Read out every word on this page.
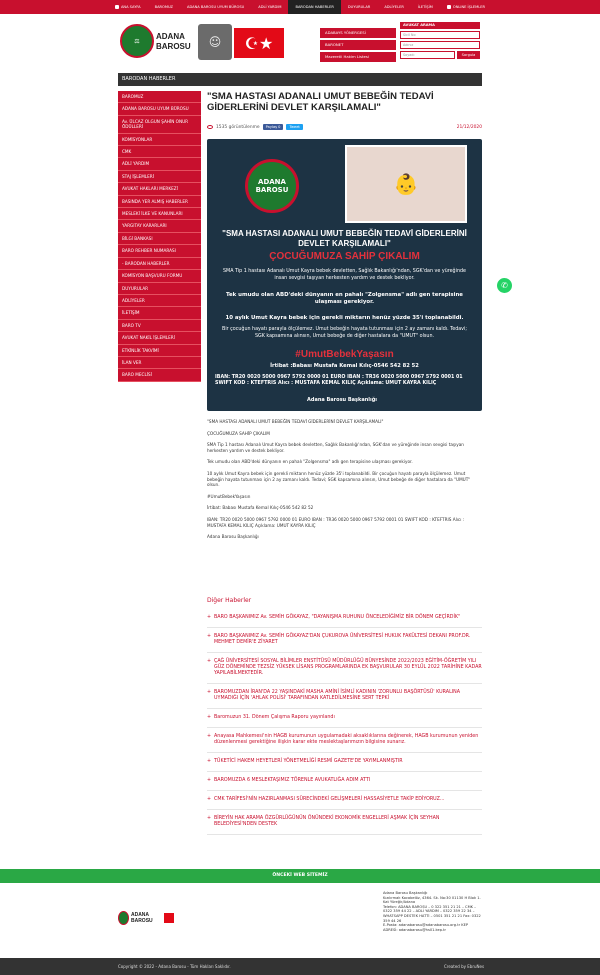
ANA SAYFA	BAROMUZ	ADANA BAROSU UYUM BÜROSU	ADLİ YARDIM	BARODAN HABERLER	DUYURULAR	ADLİYELER	İLETİŞİM	ONLINE İŞLEMLER
⚖	ADANA
BAROSU	☺	☪★
ADABAYS YÖNERGESİ
BARONET
Mazeretli Hakim Listesi
AVUKAT ARAMA
Sicil No
Adınız
Soyadı	Sorgula
BARODAN HABERLER
BAROMUZ
ADANA BAROSU UYUM BÜROSU
Av. ÜLCAZ OLGUN ŞAHİN ONUR ÖDÜLLERİ
KOMİSYONLAR
CMK
ADLİ YARDIM
STAJ İŞLEMLERİ
AVUKAT HAKLARI MERKEZİ
BASINDA YER ALMIŞ HABERLER
MESLEKİ İLKE VE KANUNLARI
YARGITAY KARARLARI
BİLGİ BANKASI
BARO REHBER NUMARASI
- BARODAN HABERLER
KOMİSYON BAŞVURU FORMU
DUYURULAR
ADLİYELER
İLETİŞİM
BARO TV
AVUKAT NAKİL İŞLEMLERİ
ETKİNLİK TAKVİMİ
İLAN VER
BARO MECLİSİ
"SMA HASTASI ADANALI UMUT BEBEĞİN TEDAVİ GİDERLERİNİ DEVLET KARŞILAMALI"
1535 görüntülenme	Paylaş 0	Tweet	21/12/2020
ADANA BAROSU	👶
"SMA HASTASI ADANALI UMUT BEBEĞİN TEDAVİ GİDERLERİNİ DEVLET KARŞILAMALI"
ÇOCUĞUMUZA SAHİP ÇIKALIM
SMA Tip 1 hastası Adanalı Umut Kayra bebek devletten, Sağlık Bakanlığı'ndan, SGK'dan ve yüreğinde insan sevgisi taşıyan herkesten yardım ve destek bekliyor.
Tek umudu olan ABD'deki dünyanın en pahalı "Zolgensma" adlı gen terapisine ulaşması gerekiyor.
10 aylık Umut Kayra bebek için gerekli miktarın henüz yüzde 35'i toplanabildi.
Bir çocuğun hayatı parayla ölçülemez. Umut bebeğin hayata tutunması için 2 ay zamanı kaldı. Tedavi; SGK kapsamına alınsın, Umut bebeğe de diğer hastalara da "UMUT" olsun.
#UmutBebekYaşasın
İrtibat :Babası Mustafa Kemal Kılıç-0546 542 82 52
IBAN: TR20 0020 5000 0967 5792 0000 01 EURO IBAN : TR36 0020 5000 0967 5792 0001 01
SWIFT KOD : KTEFTRIS Alıcı : MUSTAFA KEMAL KILIÇ Açıklama: UMUT KAYRA KILIÇ
Adana Barosu Başkanlığı

"SMA HASTASI ADANALI UMUT BEBEĞİN TEDAVİ GİDERLERİNİ DEVLET KARŞILAMALI"

ÇOCUĞUMUZA SAHİP ÇIKALIM

SMA Tip 1 hastası Adanalı Umut Kayra bebek devletten, Sağlık Bakanlığı'ndan, SGK'dan ve yüreğinde insan sevgisi taşıyan herkesten yardım ve destek bekliyor.

Tek umudu olan ABD'deki dünyanın en pahalı "Zolgensma" adlı gen terapisine ulaşması gerekiyor.

10 aylık Umut Kayra bebek için gerekli miktarın henüz yüzde 35'i toplanabildi. Bir çocuğun hayatı parayla ölçülemez. Umut bebeğin hayata tutunması için 2 ay zamanı kaldı. Tedavi; SGK kapsamına alınsın, Umut bebeğe de diğer hastalara da "UMUT" olsun.

#UmutBebekYaşasın

İrtibat: Babası Mustafa Kemal Kılıç-0546 542 82 52

IBAN: TR20 0020 5000 0967 5792 0000 01 EURO IBAN : TR36 0020 5000 0967 5792 0001 01 SWIFT KOD : KTEFTRIS Alıcı : MUSTAFA KEMAL KILIÇ Açıklama: UMUT KAYRA KILIÇ

Adana Barosu Başkanlığı

Diğer Haberler
+ BARO BAŞKANIMIZ Av. SEMİH GÖKAYAZ, "DAYANIŞMA RUHUNU ÖNCELEDİĞİMİZ BİR DÖNEM GEÇİRDİK"
+ BARO BAŞKANIMIZ Av. SEMİH GÖKAYAZ'DAN ÇUKUROVA ÜNİVERSİTESİ HUKUK FAKÜLTESİ DEKANI PROF.DR. MEHMET DEMİR'E ZİYARET
+ ÇAĞ ÜNİVERSİTESİ SOSYAL BİLİMLER ENSTİTÜSÜ MÜDÜRLÜĞÜ BÜNYESİNDE 2022/2023 EĞİTİM-ÖĞRETİM YILI GÜZ DÖNEMİNDE TEZSİZ YÜKSEK LİSANS PROGRAMLARINDA EK BAŞVURULAR 30 EYLÜL 2022 TARİHİNE KADAR YAPILABİLMEKTEDİR.
+ BAROMUZDAN İRAN'DA 22 YAŞINDAKİ MASHA AMİNİ İSİMLİ KADININ 'ZORUNLU BAŞÖRTÜSÜ' KURALINA UYMADIĞI İÇİN 'AHLAK POLİSİ' TARAFINDAN KATLEDİLMESİNE SERT TEPKİ
+ Baromuzun 31. Dönem Çalışma Raporu yayınlandı
+ Anayasa Mahkemesi'nin HAGB kurumunun uygulamadaki aksaklıklarına değinerek, HAGB kurumunun yeniden düzenlenmesi gerektiğine ilişkin karar ekte meslektaşlarımızın bilgisine sunarız.
+ TÜKETİCİ HAKEM HEYETLERİ YÖNETMELİĞİ RESMİ GAZETE'DE YAYIMLANMIŞTIR
+ BAROMUZDA 6 MESLEKTAŞIMIZ TÖRENLE AVUKATLIĞA ADIM ATTI
+ CMK TARİFESİ'NİN HAZIRLANMASI SÜRECİNDEKİ GELİŞMELERİ HASSASİYETLE TAKİP EDİYORUZ...
+ BİREYİN HAK ARAMA ÖZGÜRLÜĞÜNÜN ÖNÜNDEKİ EKONOMİK ENGELLERİ AŞMAK İÇİN SEYHAN BELEDİYESİ'NDEN DESTEK
✆
ÖNCEKİ WEB SİTEMİZ
ADANA BAROSU
Adana Barosu Başkanlığı
Kızılırmak Kocabelöz, 4364. Sk. No:30 01130 H Blok 1. Kat Yüreğir/Adana
Telefon: ADANA BAROSU – 0 322 351 21 21 – CMK – 0322 359 44 22 – ADLİ YARDIM – 0322 359 22 34 – WHATSAPP DESTEK HATTI – 0501 351 21 21 Fax: 0322 359 44 26
E-Posta: adanabarosu@adanabarosu.org.tr KEP ADRESİ: adanabarosu@hs01.kep.tr
Copyright © 2022 - Adana Barosu - Tüm Hakları Saklıdır.	Created by EbruNes
